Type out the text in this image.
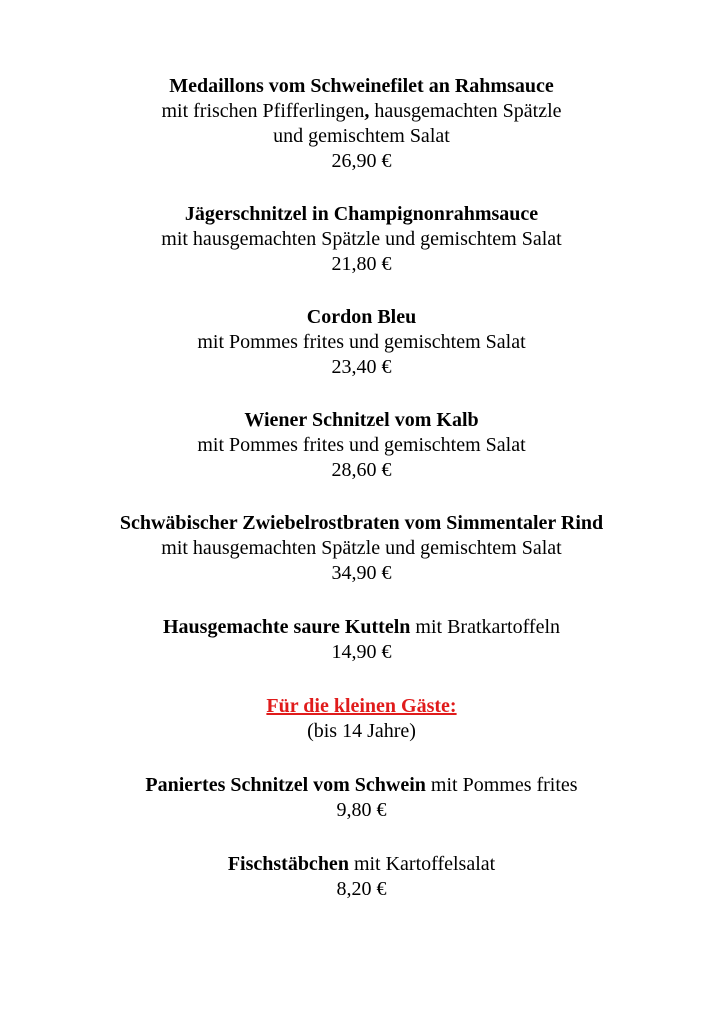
Medaillons vom Schweinefilet an Rahmsauce
mit frischen Pfifferlingen, hausgemachten Spätzle
und gemischtem Salat
26,90 €
Jägerschnitzel in Champignonrahmsauce
mit hausgemachten Spätzle und gemischtem Salat
21,80 €
Cordon Bleu
mit Pommes frites und gemischtem Salat
23,40 €
Wiener Schnitzel vom Kalb
mit Pommes frites und gemischtem Salat
28,60 €
Schwäbischer Zwiebelrostbraten vom Simmentaler Rind
mit hausgemachten Spätzle und gemischtem Salat
34,90 €
Hausgemachte saure Kutteln mit Bratkartoffeln
14,90 €
Für die kleinen Gäste:
(bis 14 Jahre)
Paniertes Schnitzel vom Schwein mit Pommes frites
9,80 €
Fischstäbchen mit Kartoffelsalat
8,20 €
